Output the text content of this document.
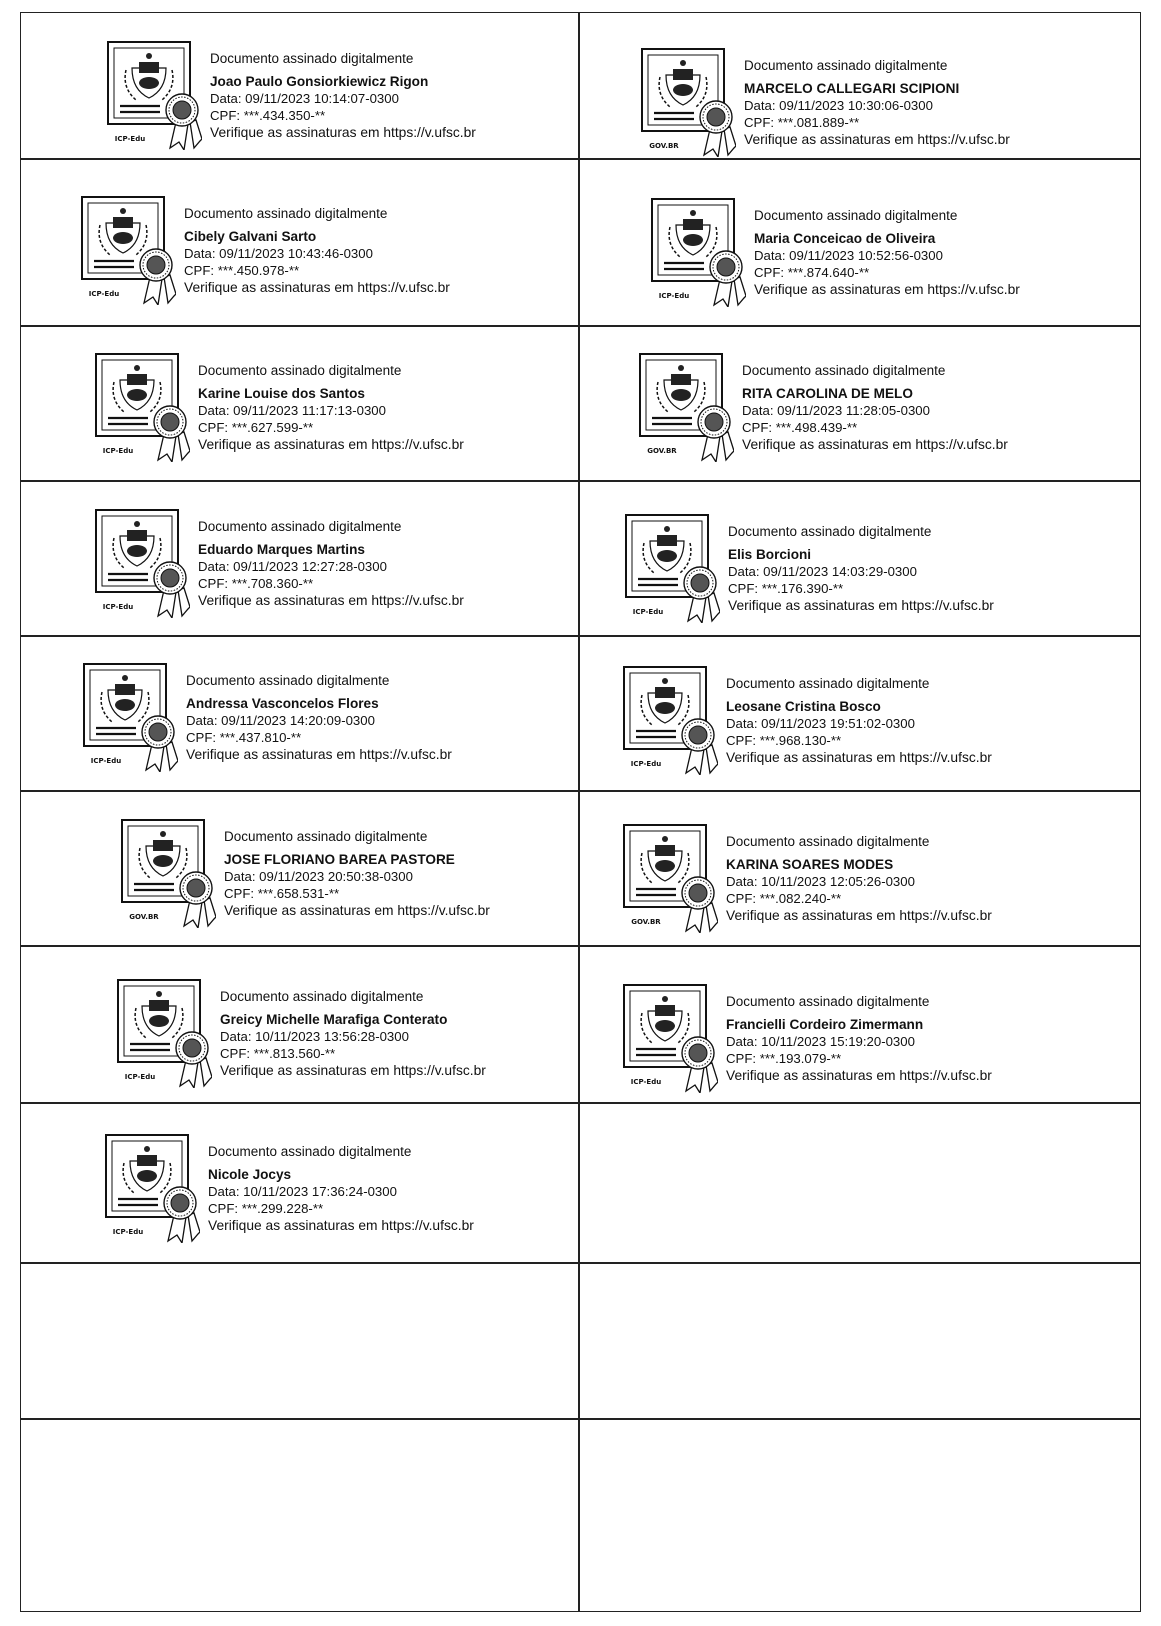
ICP-Edu
Documento assinado digitalmente
Joao Paulo Gonsiorkiewicz Rigon
Data: 09/11/2023 10:14:07-0300
CPF: ***.434.350-**
Verifique as assinaturas em https://v.ufsc.br
GOV.BR
Documento assinado digitalmente
MARCELO CALLEGARI SCIPIONI
Data: 09/11/2023 10:30:06-0300
CPF: ***.081.889-**
Verifique as assinaturas em https://v.ufsc.br
ICP-Edu
Documento assinado digitalmente
Cibely Galvani Sarto
Data: 09/11/2023 10:43:46-0300
CPF: ***.450.978-**
Verifique as assinaturas em https://v.ufsc.br
ICP-Edu
Documento assinado digitalmente
Maria Conceicao de Oliveira
Data: 09/11/2023 10:52:56-0300
CPF: ***.874.640-**
Verifique as assinaturas em https://v.ufsc.br
ICP-Edu
Documento assinado digitalmente
Karine Louise dos Santos
Data: 09/11/2023 11:17:13-0300
CPF: ***.627.599-**
Verifique as assinaturas em https://v.ufsc.br	GOV.BR
Documento assinado digitalmente
RITA CAROLINA DE MELO
Data: 09/11/2023 11:28:05-0300
CPF: ***.498.439-**
Verifique as assinaturas em https://v.ufsc.br
ICP-Edu
Documento assinado digitalmente
Eduardo Marques Martins
Data: 09/11/2023 12:27:28-0300
CPF: ***.708.360-**
Verifique as assinaturas em https://v.ufsc.br
ICP-Edu
Documento assinado digitalmente
Elis Borcioni
Data: 09/11/2023 14:03:29-0300
CPF: ***.176.390-**
Verifique as assinaturas em https://v.ufsc.br
ICP-Edu
Documento assinado digitalmente
Andressa Vasconcelos Flores
Data: 09/11/2023 14:20:09-0300
CPF: ***.437.810-**
Verifique as assinaturas em https://v.ufsc.br
ICP-Edu
Documento assinado digitalmente
Leosane Cristina Bosco
Data: 09/11/2023 19:51:02-0300
CPF: ***.968.130-**
Verifique as assinaturas em https://v.ufsc.br
GOV.BR
Documento assinado digitalmente
JOSE FLORIANO BAREA PASTORE
Data: 09/11/2023 20:50:38-0300
CPF: ***.658.531-**
Verifique as assinaturas em https://v.ufsc.br
GOV.BR
Documento assinado digitalmente
KARINA SOARES MODES
Data: 10/11/2023 12:05:26-0300
CPF: ***.082.240-**
Verifique as assinaturas em https://v.ufsc.br
ICP-Edu
Documento assinado digitalmente
Greicy Michelle Marafiga Conterato
Data: 10/11/2023 13:56:28-0300
CPF: ***.813.560-**
Verifique as assinaturas em https://v.ufsc.br
ICP-Edu
Documento assinado digitalmente
Francielli Cordeiro Zimermann
Data: 10/11/2023 15:19:20-0300
CPF: ***.193.079-**
Verifique as assinaturas em https://v.ufsc.br
ICP-Edu
Documento assinado digitalmente
Nicole Jocys
Data: 10/11/2023 17:36:24-0300
CPF: ***.299.228-**
Verifique as assinaturas em https://v.ufsc.br
